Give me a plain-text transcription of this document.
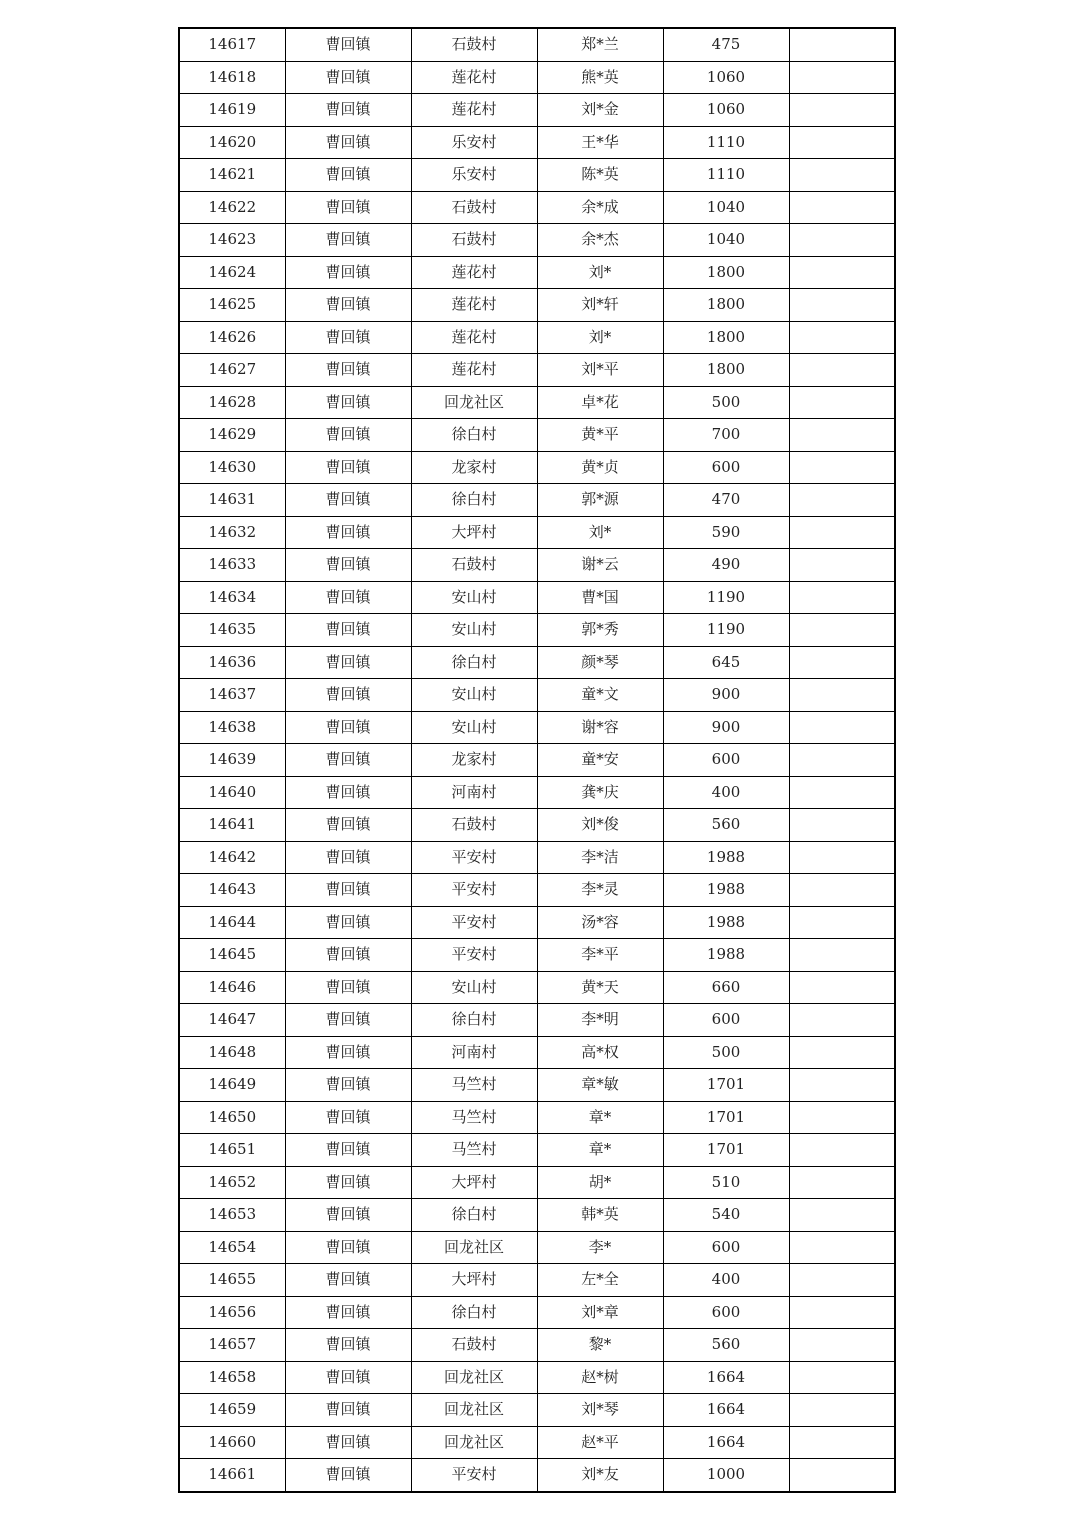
14617	曹回镇	石鼓村	郑*兰	475	
14618	曹回镇	莲花村	熊*英	1060	
14619	曹回镇	莲花村	刘*金	1060	
14620	曹回镇	乐安村	王*华	1110	
14621	曹回镇	乐安村	陈*英	1110	
14622	曹回镇	石鼓村	余*成	1040	
14623	曹回镇	石鼓村	余*杰	1040	
14624	曹回镇	莲花村	刘*	1800	
14625	曹回镇	莲花村	刘*轩	1800	
14626	曹回镇	莲花村	刘*	1800	
14627	曹回镇	莲花村	刘*平	1800	
14628	曹回镇	回龙社区	卓*花	500	
14629	曹回镇	徐白村	黄*平	700	
14630	曹回镇	龙家村	黄*贞	600	
14631	曹回镇	徐白村	郭*源	470	
14632	曹回镇	大坪村	刘*	590	
14633	曹回镇	石鼓村	谢*云	490	
14634	曹回镇	安山村	曹*国	1190	
14635	曹回镇	安山村	郭*秀	1190	
14636	曹回镇	徐白村	颜*琴	645	
14637	曹回镇	安山村	童*文	900	
14638	曹回镇	安山村	谢*容	900	
14639	曹回镇	龙家村	童*安	600	
14640	曹回镇	河南村	龚*庆	400	
14641	曹回镇	石鼓村	刘*俊	560	
14642	曹回镇	平安村	李*洁	1988	
14643	曹回镇	平安村	李*灵	1988	
14644	曹回镇	平安村	汤*容	1988	
14645	曹回镇	平安村	李*平	1988	
14646	曹回镇	安山村	黄*天	660	
14647	曹回镇	徐白村	李*明	600	
14648	曹回镇	河南村	高*权	500	
14649	曹回镇	马竺村	章*敏	1701	
14650	曹回镇	马竺村	章*	1701	
14651	曹回镇	马竺村	章*	1701	
14652	曹回镇	大坪村	胡*	510	
14653	曹回镇	徐白村	韩*英	540	
14654	曹回镇	回龙社区	李*	600	
14655	曹回镇	大坪村	左*全	400	
14656	曹回镇	徐白村	刘*章	600	
14657	曹回镇	石鼓村	黎*	560	
14658	曹回镇	回龙社区	赵*树	1664	
14659	曹回镇	回龙社区	刘*琴	1664	
14660	曹回镇	回龙社区	赵*平	1664	
14661	曹回镇	平安村	刘*友	1000	
